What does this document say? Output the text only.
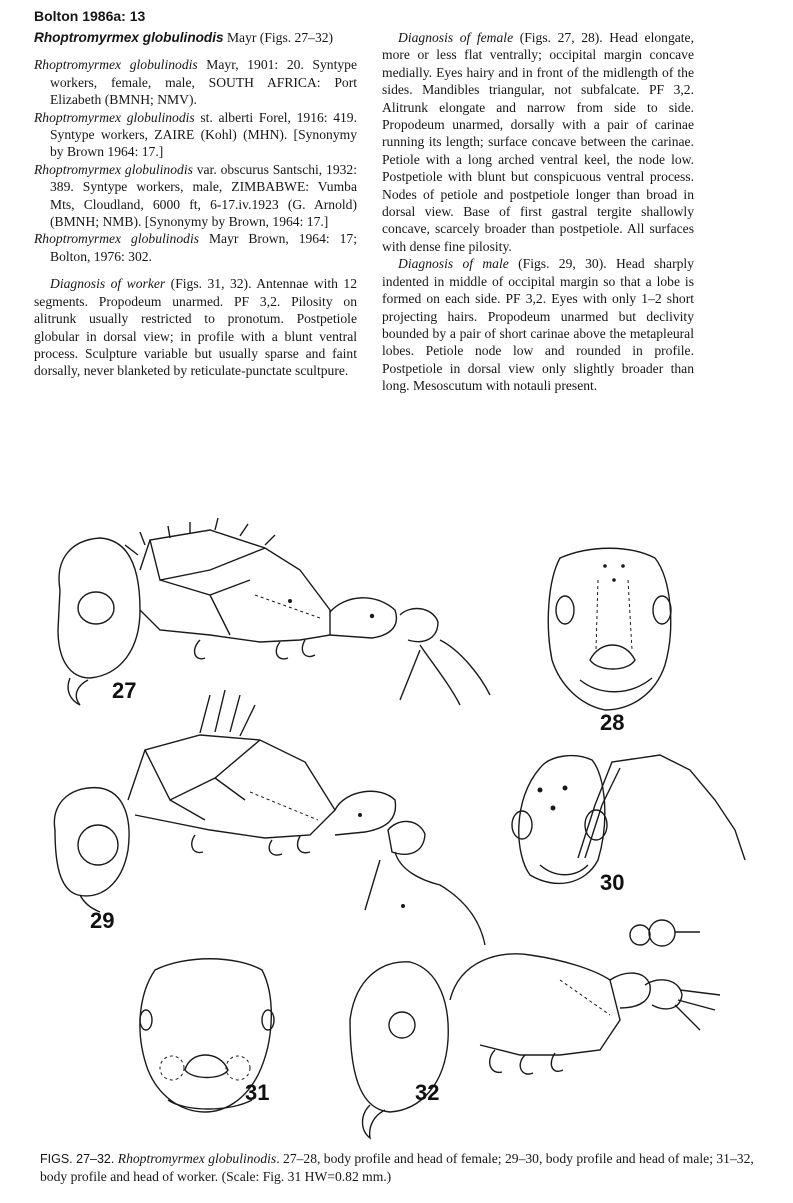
Bolton 1986a: 13

Rhoptromyrmex globulinodis Mayr (Figs. 27–32)

Rhoptromyrmex globulinodis Mayr, 1901: 20. Syntype workers, female, male, SOUTH AFRICA: Port Elizabeth (BMNH; NMV).

Rhoptromyrmex globulinodis st. alberti Forel, 1916: 419. Syntype workers, ZAIRE (Kohl) (MHN). [Synonymy by Brown 1964: 17.]

Rhoptromyrmex globulinodis var. obscurus Santschi, 1932: 389. Syntype workers, male, ZIMBABWE: Vumba Mts, Cloudland, 6000 ft, 6-17.iv.1923 (G. Arnold) (BMNH; NMB). [Synonymy by Brown, 1964: 17.]

Rhoptromyrmex globulinodis Mayr Brown, 1964: 17; Bolton, 1976: 302.

Diagnosis of worker (Figs. 31, 32). Antennae with 12 segments. Propodeum unarmed. PF 3,2. Pilosity on alitrunk usually restricted to pronotum. Postpetiole globular in dorsal view; in profile with a blunt ventral process. Sculpture variable but usually sparse and faint dorsally, never blanketed by reticulate-punctate scultpure.

Diagnosis of female (Figs. 27, 28). Head elongate, more or less flat ventrally; occipital margin concave medially. Eyes hairy and in front of the midlength of the sides. Mandibles triangular, not subfalcate. PF 3,2. Alitrunk elongate and narrow from side to side. Propodeum unarmed, dorsally with a pair of carinae running its length; surface concave between the carinae. Petiole with a long arched ventral keel, the node low. Postpetiole with blunt but conspicuous ventral process. Nodes of petiole and postpetiole longer than broad in dorsal view. Base of first gastral tergite shallowly concave, scarcely broader than postpetiole. All surfaces with dense fine pilosity.

Diagnosis of male (Figs. 29, 30). Head sharply indented in middle of occipital margin so that a lobe is formed on each side. PF 3,2. Eyes with only 1–2 short projecting hairs. Propodeum unarmed but declivity bounded by a pair of short carinae above the metapleural lobes. Petiole node low and rounded in profile. Postpetiole in dorsal view only slightly broader than long. Mesoscutum with notauli present.

27
28
29
30
31	32
FIGS. 27–32. Rhoptromyrmex globulinodis. 27–28, body profile and head of female; 29–30, body profile and head of male; 31–32, body profile and head of worker. (Scale: Fig. 31 HW=0.82 mm.)
